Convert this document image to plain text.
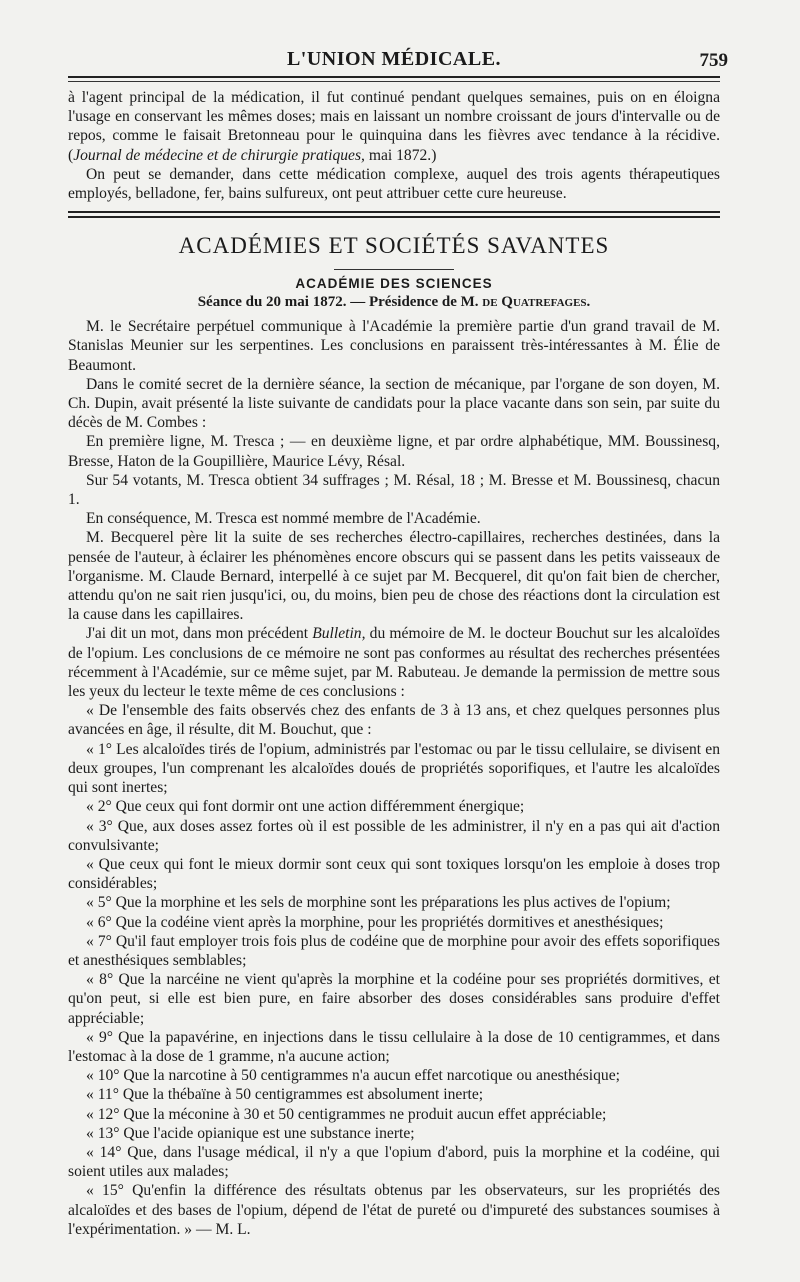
L'UNION MÉDICALE.	759

à l'agent principal de la médication, il fut continué pendant quelques semaines, puis on en éloigna l'usage en conservant les mêmes doses; mais en laissant un nombre croissant de jours d'intervalle ou de repos, comme le faisait Bretonneau pour le quinquina dans les fièvres avec tendance à la récidive. (Journal de médecine et de chirurgie pratiques, mai 1872.)

On peut se demander, dans cette médication complexe, auquel des trois agents thérapeutiques employés, belladone, fer, bains sulfureux, ont peut attribuer cette cure heureuse.

ACADÉMIES ET SOCIÉTÉS SAVANTES
ACADÉMIE DES SCIENCES
Séance du 20 mai 1872. — Présidence de M. de Quatrefages.

M. le Secrétaire perpétuel communique à l'Académie la première partie d'un grand travail de M. Stanislas Meunier sur les serpentines. Les conclusions en paraissent très-intéressantes à M. Élie de Beaumont.

Dans le comité secret de la dernière séance, la section de mécanique, par l'organe de son doyen, M. Ch. Dupin, avait présenté la liste suivante de candidats pour la place vacante dans son sein, par suite du décès de M. Combes :

En première ligne, M. Tresca ; — en deuxième ligne, et par ordre alphabétique, MM. Boussinesq, Bresse, Haton de la Goupillière, Maurice Lévy, Résal.

Sur 54 votants, M. Tresca obtient 34 suffrages ; M. Résal, 18 ; M. Bresse et M. Boussinesq, chacun 1.

En conséquence, M. Tresca est nommé membre de l'Académie.

M. Becquerel père lit la suite de ses recherches électro-capillaires, recherches destinées, dans la pensée de l'auteur, à éclairer les phénomènes encore obscurs qui se passent dans les petits vaisseaux de l'organisme. M. Claude Bernard, interpellé à ce sujet par M. Becquerel, dit qu'on fait bien de chercher, attendu qu'on ne sait rien jusqu'ici, ou, du moins, bien peu de chose des réactions dont la circulation est la cause dans les capillaires.

J'ai dit un mot, dans mon précédent Bulletin, du mémoire de M. le docteur Bouchut sur les alcaloïdes de l'opium. Les conclusions de ce mémoire ne sont pas conformes au résultat des recherches présentées récemment à l'Académie, sur ce même sujet, par M. Rabuteau. Je demande la permission de mettre sous les yeux du lecteur le texte même de ces conclusions :

« De l'ensemble des faits observés chez des enfants de 3 à 13 ans, et chez quelques personnes plus avancées en âge, il résulte, dit M. Bouchut, que :

« 1° Les alcaloïdes tirés de l'opium, administrés par l'estomac ou par le tissu cellulaire, se divisent en deux groupes, l'un comprenant les alcaloïdes doués de propriétés soporifiques, et l'autre les alcaloïdes qui sont inertes;

« 2° Que ceux qui font dormir ont une action différemment énergique;

« 3° Que, aux doses assez fortes où il est possible de les administrer, il n'y en a pas qui ait d'action convulsivante;

« Que ceux qui font le mieux dormir sont ceux qui sont toxiques lorsqu'on les emploie à doses trop considérables;

« 5° Que la morphine et les sels de morphine sont les préparations les plus actives de l'opium;

« 6° Que la codéine vient après la morphine, pour les propriétés dormitives et anesthésiques;

« 7° Qu'il faut employer trois fois plus de codéine que de morphine pour avoir des effets soporifiques et anesthésiques semblables;

« 8° Que la narcéine ne vient qu'après la morphine et la codéine pour ses propriétés dormitives, et qu'on peut, si elle est bien pure, en faire absorber des doses considérables sans produire d'effet appréciable;

« 9° Que la papavérine, en injections dans le tissu cellulaire à la dose de 10 centigrammes, et dans l'estomac à la dose de 1 gramme, n'a aucune action;

« 10° Que la narcotine à 50 centigrammes n'a aucun effet narcotique ou anesthésique;

« 11° Que la thébaïne à 50 centigrammes est absolument inerte;

« 12° Que la méconine à 30 et 50 centigrammes ne produit aucun effet appréciable;

« 13° Que l'acide opianique est une substance inerte;

« 14° Que, dans l'usage médical, il n'y a que l'opium d'abord, puis la morphine et la codéine, qui soient utiles aux malades;

« 15° Qu'enfin la différence des résultats obtenus par les observateurs, sur les propriétés des alcaloïdes et des bases de l'opium, dépend de l'état de pureté ou d'impureté des substances soumises à l'expérimentation. » — M. L.
